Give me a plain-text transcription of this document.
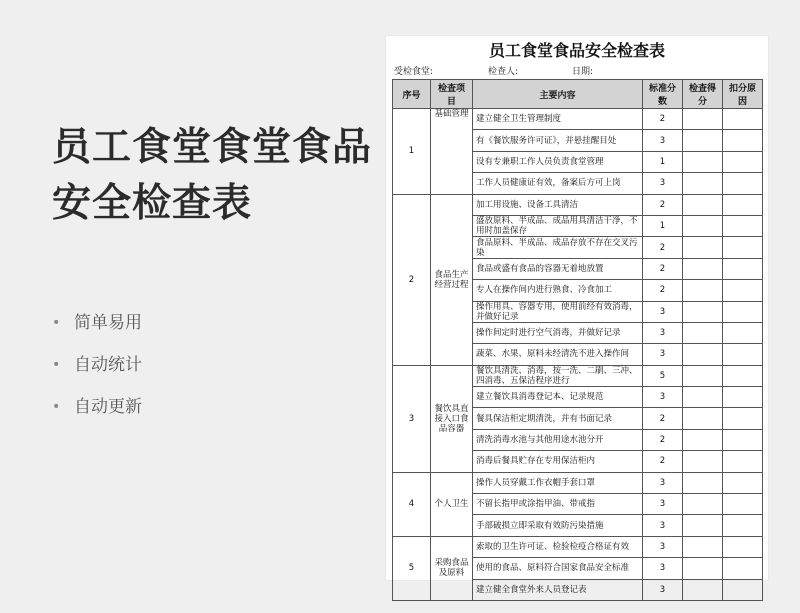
员工食堂食堂食品安全检查表
• 简单易用
• 自动统计
• 自动更新
员工食堂食品安全检查表
受检食堂:	检查人:	日期:
序号	检查项目	主要内容	标准分数	检查得分	扣分原因
1	基础管理	建立健全卫生管理制度	2		
		有《餐饮服务许可证》，并悬挂醒目处	3		
		设有专兼职工作人员负责食堂管理	1		
		工作人员健康证有效，备案后方可上岗	3		
2	食品生产经营过程	加工用设施、设备工具清洁	2		
		盛放原料、半成品、成品用具清洁干净，不用时加盖保存	1		
		食品原料、半成品、成品存放不存在交叉污染	2		
		食品或盛有食品的容器无着地放置	2		
		专人在操作间内进行熟食、冷食加工	2		
		操作用具、容器专用，使用前经有效消毒，并做好记录	3		
		操作间定时进行空气消毒，并做好记录	3		
		蔬菜、水果、原料未经清洗不进入操作间	3		
3	餐饮具直接入口食品容器	餐饮具清洗、消毒，按一洗、二刷、三冲、四消毒、五保洁程序进行	5		
		建立餐饮具消毒登记本、记录规范	3		
		餐具保洁柜定期清洗，并有书面记录	2		
		清洗消毒水池与其他用途水池分开	2		
		消毒后餐具贮存在专用保洁柜内	2		
4	个人卫生	操作人员穿戴工作衣帽手套口罩	3		
		不留长指甲或涂指甲油、带戒指	3		
		手部破损立即采取有效防污染措施	3		
5	采购食品及原料	索取的卫生许可证、检验检疫合格证有效	3		
		使用的食品、原料符合国家食品安全标准	3		
		建立健全食堂外来人员登记表	3		
